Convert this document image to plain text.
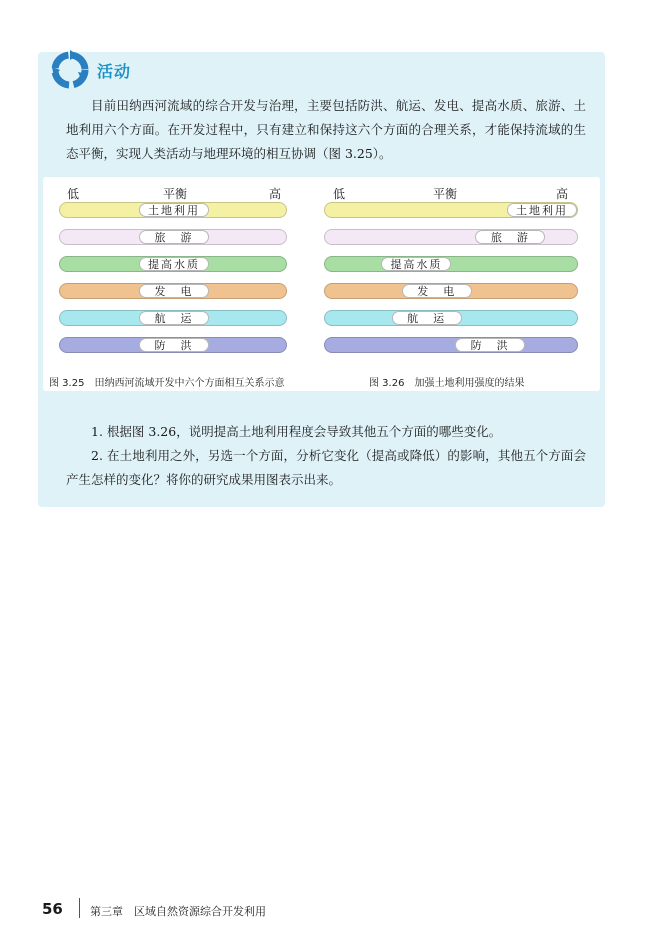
活动
目前田纳西河流域的综合开发与治理，主要包括防洪、航运、发电、提高水质、旅游、土地利用六个方面。在开发过程中，只有建立和保持这六个方面的合理关系，才能保持流域的生态平衡，实现人类活动与地理环境的相互协调（图 3.25）。
低	平衡	高	低	平衡	高
土地利用
旅　游
提高水质
发　电
航　运
防　洪
土地利用
旅　游
提高水质
发　电
航　运
防　洪
图 3.25　田纳西河流域开发中六个方面相互关系示意	图 3.26　加强土地利用强度的结果
1. 根据图 3.26，说明提高土地利用程度会导致其他五个方面的哪些变化。
2. 在土地利用之外，另选一个方面，分析它变化（提高或降低）的影响，其他五个方面会产生怎样的变化？将你的研究成果用图表示出来。
56 第三章　区域自然资源综合开发利用
